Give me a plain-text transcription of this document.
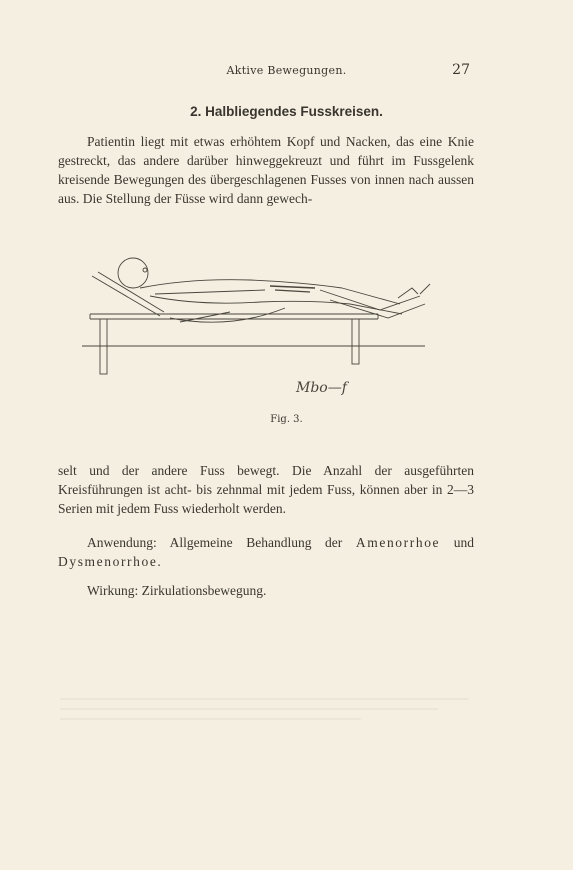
Aktive Bewegungen.	27
2. Halbliegendes Fusskreisen.
Patientin liegt mit etwas erhöhtem Kopf und Nacken, das eine Knie gestreckt, das andere darüber hinweggekreuzt und führt im Fussgelenk kreisende Bewegungen des übergeschlagenen Fusses von innen nach aussen aus. Die Stellung der Füsse wird dann gewech-
Mbo—f
Fig. 3.
selt und der andere Fuss bewegt. Die Anzahl der ausgeführten Kreisführungen ist acht- bis zehnmal mit jedem Fuss, können aber in 2—3 Serien mit jedem Fuss wiederholt werden.
Anwendung: Allgemeine Behandlung der Amenorrhoe und Dysmenorrhoe.
Wirkung: Zirkulationsbewegung.
